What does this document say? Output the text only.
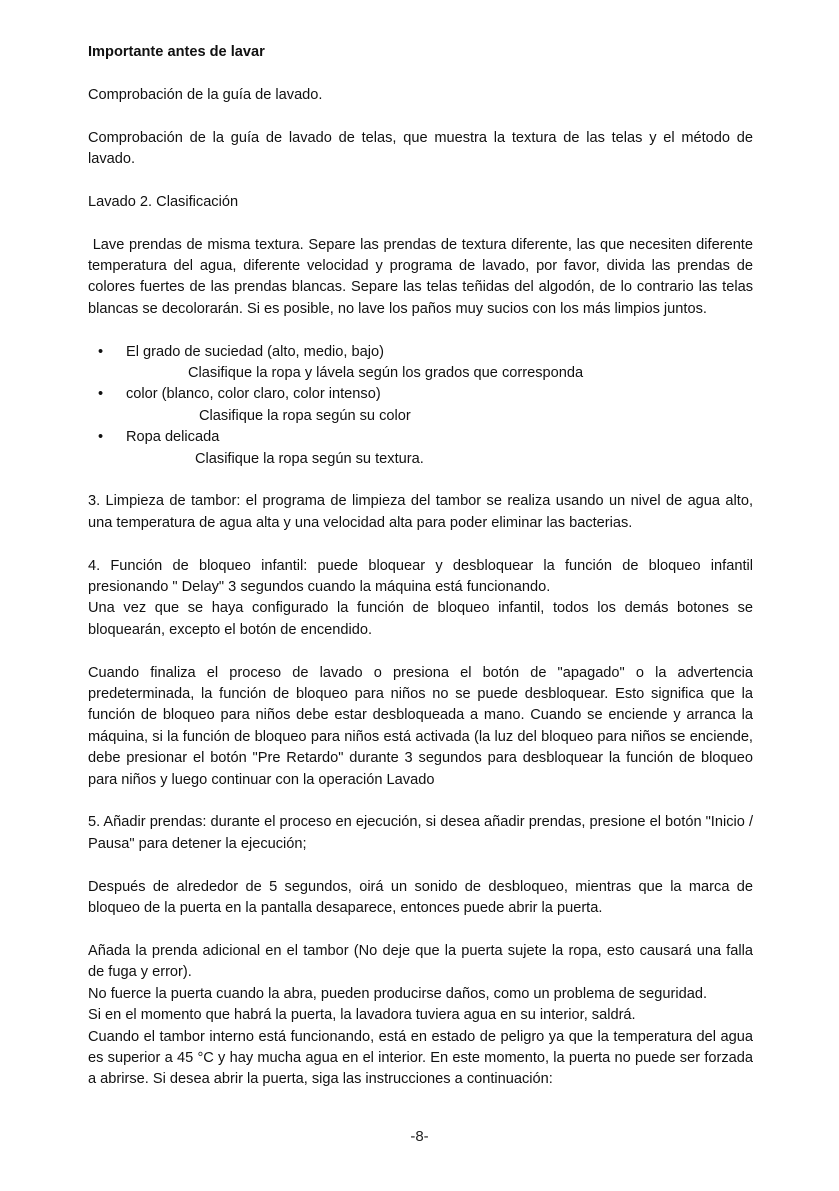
Importante antes de lavar

Comprobación de la guía de lavado.

Comprobación de la guía de lavado de telas, que muestra la textura de las telas y el método de lavado.

Lavado 2. Clasificación

Lave prendas de misma textura. Separe las prendas de textura diferente, las que necesiten diferente temperatura del agua, diferente velocidad y programa de lavado, por favor, divida las prendas de colores fuertes de las prendas blancas. Separe las telas teñidas del algodón, de lo contrario las telas blancas se decolorarán. Si es posible, no lave los paños muy sucios con los más limpios juntos.

• El grado de suciedad (alto, medio, bajo)
Clasifique la ropa y lávela según los grados que corresponda
• color (blanco, color claro, color intenso)
Clasifique la ropa según su color
• Ropa delicada
Clasifique la ropa según su textura.

3. Limpieza de tambor: el programa de limpieza del tambor se realiza usando un nivel de agua alto, una temperatura de agua alta y una velocidad alta para poder eliminar las bacterias.

4. Función de bloqueo infantil: puede bloquear y desbloquear la función de bloqueo infantil presionando " Delay" 3 segundos cuando la máquina está funcionando.

Una vez que se haya configurado la función de bloqueo infantil, todos los demás botones se bloquearán, excepto el botón de encendido.

Cuando finaliza el proceso de lavado o presiona el botón de "apagado" o la advertencia predeterminada, la función de bloqueo para niños no se puede desbloquear. Esto significa que la función de bloqueo para niños debe estar desbloqueada a mano. Cuando se enciende y arranca la máquina, si la función de bloqueo para niños está activada (la luz del bloqueo para niños se enciende, debe presionar el botón "Pre Retardo" durante 3 segundos para desbloquear la función de bloqueo para niños y luego continuar con la operación Lavado

5. Añadir prendas: durante el proceso en ejecución, si desea añadir prendas, presione el botón "Inicio / Pausa" para detener la ejecución;

Después de alrededor de 5 segundos, oirá un sonido de desbloqueo, mientras que la marca de bloqueo de la puerta en la pantalla desaparece, entonces puede abrir la puerta.

Añada la prenda adicional en el tambor (No deje que la puerta sujete la ropa, esto causará una falla de fuga y error).

No fuerce la puerta cuando la abra, pueden producirse daños, como un problema de seguridad.

Si en el momento que habrá la puerta, la lavadora tuviera agua en su interior, saldrá.

Cuando el tambor interno está funcionando, está en estado de peligro ya que la temperatura del agua es superior a 45 °C y hay mucha agua en el interior. En este momento, la puerta no puede ser forzada a abrirse. Si desea abrir la puerta, siga las instrucciones a continuación:

-8-
